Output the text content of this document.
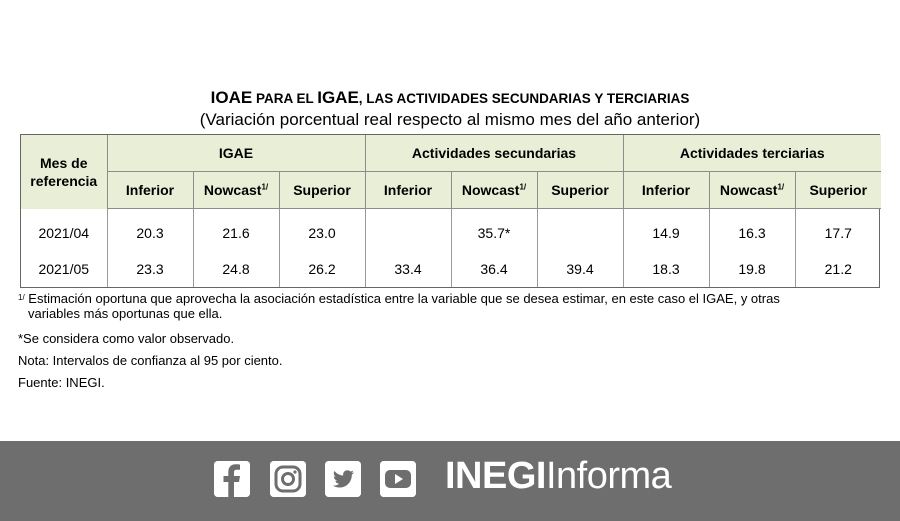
IOAE PARA EL IGAE, LAS ACTIVIDADES SECUNDARIAS Y TERCIARIAS
(Variación porcentual real respecto al mismo mes del año anterior)
Mes de referencia	IGAE			Actividades secundarias			Actividades terciarias		
	Inferior	Nowcast$^{1/}$	Superior	Inferior	Nowcast$^{1/}$	Superior	Inferior	Nowcast$^{1/}$	Superior
2021/04	20.3	21.6	23.0		35.7*		14.9	16.3	17.7
2021/05	23.3	24.8	26.2	33.4	36.4	39.4	18.3	19.8	21.2
$^{1/}$ Estimación oportuna que aprovecha la asociación estadística entre la variable que se desea estimar, en este caso el IGAE, y otras
variables más oportunas que ella.
*Se considera como valor observado.
Nota: Intervalos de confianza al 95 por ciento.
Fuente: INEGI.
INEGIInforma
